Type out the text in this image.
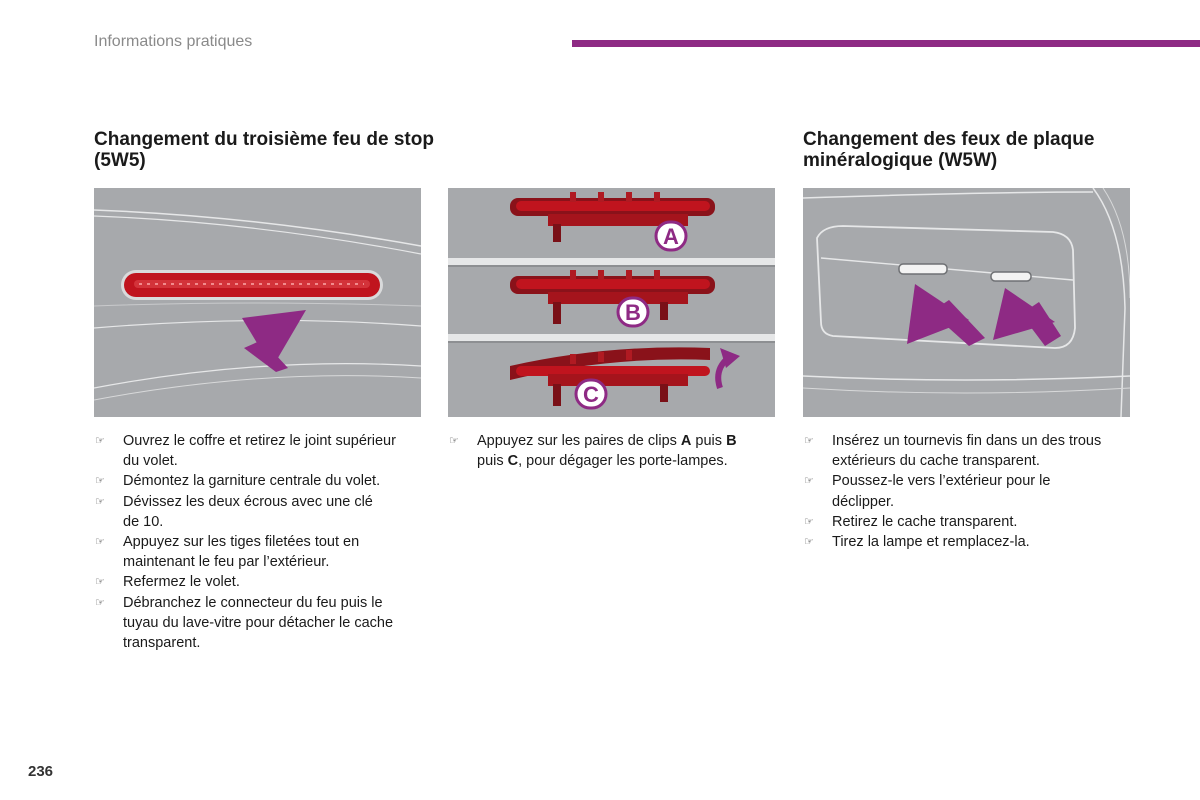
Informations pratiques
Changement du troisième feu de stop
(5W5)
☞ Ouvrez le coffre et retirez le joint supérieur
du volet.
☞ Démontez la garniture centrale du volet.
☞ Dévissez les deux écrous avec une clé
de 10.
☞ Appuyez sur les tiges filetées tout en
maintenant le feu par l’extérieur.
☞ Refermez le volet.
☞ Débranchez le connecteur du feu puis le
tuyau du lave-vitre pour détacher le cache
transparent.
A
B
C
☞ Appuyez sur les paires de clips A puis B
puis C, pour dégager les porte-lampes.
Changement des feux de plaque
minéralogique (W5W)
☞ Insérez un tournevis fin dans un des trous
extérieurs du cache transparent.
☞ Poussez-le vers l’extérieur pour le
déclipper.
☞ Retirez le cache transparent.
☞ Tirez la lampe et remplacez-la.
236
